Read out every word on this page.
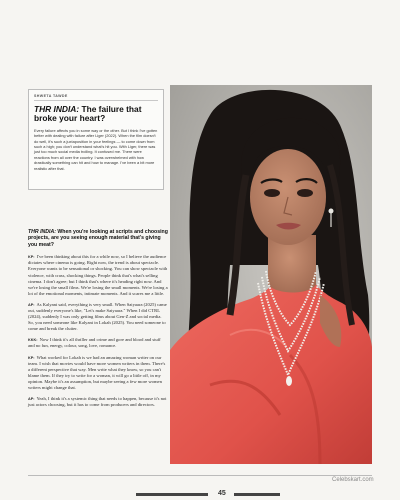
SHWETA TAWDE
THR INDIA: The failure that broke your heart?
Every failure affects you in some way or the other. But I think I've gotten better with dealing with failure after Liger (2022). When the film doesn't do well, it's such a juxtaposition in your feelings — to come down from such a high; you don't understand what's hit you. With Liger, there was just too much social media trolling. It confused me. There were reactions from all over the country. I was overwhelmed with how drastically something can hit and how to manage. I've been a bit more realistic after that.
THR INDIA: When you're looking at scripts and choosing projects, are you seeing enough material that's giving you meat?

KP: I've been thinking about this for a while now, so I believe the audience dictates where cinema is going. Right now, the trend is about spectacle. Everyone wants to be sensational or shocking. You can show spectacle with violence, with crass, shocking things. People think that's what's selling cinema. I don't agree; but I think that's where it's heading right now. And we're losing the small films. We're losing the small moments. We're losing a lot of the emotional moments, intimate moments. And it scares me a little.

AP: As Kalyani said, everything is very small. When Saiyaara (2025) came out, suddenly everyone's like, "Let's make Saiyaara." When I did CTRL (2024), suddenly I was only getting films about Gen-Z and social media. So, you need someone like Kalyani in Lokah (2025). You need someone to come and break the clutter.

KKK: Now I think it's all thriller and crime and gore and blood and stuff and no fun, energy, colour, song, love, romance.

KP: What worked for Lokah is we had an amazing woman writer on our team. I wish that movies would have more women writers in them. There's a different perspective that way. Men write what they know, so you can't blame them. If they try to write for a woman, it will go a little off, in my opinion. Maybe it's an assumption, but maybe seeing a few more women writers might change that.

AP: Yeah, I think it's a systemic thing that needs to happen, because it's not just actors choosing, but it has to come from producers and directors.

Celebskart.com
45
